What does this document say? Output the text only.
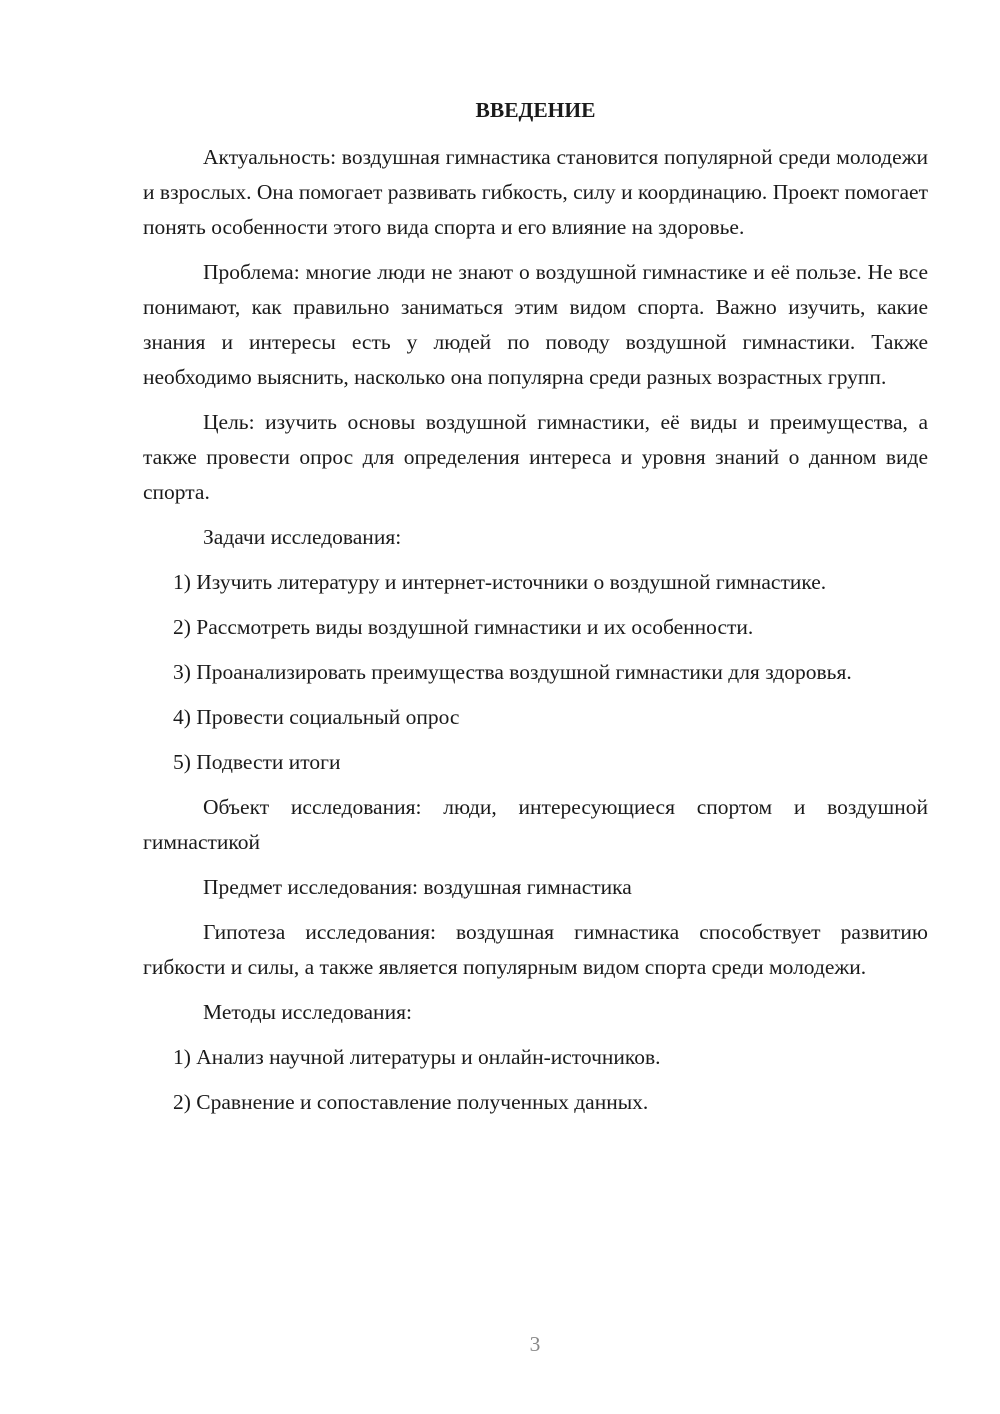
ВВЕДЕНИЕ

Актуальность: воздушная гимнастика становится популярной среди молодежи и взрослых. Она помогает развивать гибкость, силу и координацию. Проект помогает понять особенности этого вида спорта и его влияние на здоровье.

Проблема: многие люди не знают о воздушной гимнастике и её пользе. Не все понимают, как правильно заниматься этим видом спорта. Важно изучить, какие знания и интересы есть у людей по поводу воздушной гимнастики. Также необходимо выяснить, насколько она популярна среди разных возрастных групп.

Цель: изучить основы воздушной гимнастики, её виды и преимущества, а также провести опрос для определения интереса и уровня знаний о данном виде спорта.

Задачи исследования:

1) Изучить литературу и интернет-источники о воздушной гимнастике.

2) Рассмотреть виды воздушной гимнастики и их особенности.

3) Проанализировать преимущества воздушной гимнастики для здоровья.

4) Провести социальный опрос

5) Подвести итоги

Объект исследования: люди, интересующиеся спортом и воздушной гимнастикой

Предмет исследования: воздушная гимнастика

Гипотеза исследования: воздушная гимнастика способствует развитию гибкости и силы, а также является популярным видом спорта среди молодежи.

Методы исследования:

1) Анализ научной литературы и онлайн-источников.

2) Сравнение и сопоставление полученных данных.

3
